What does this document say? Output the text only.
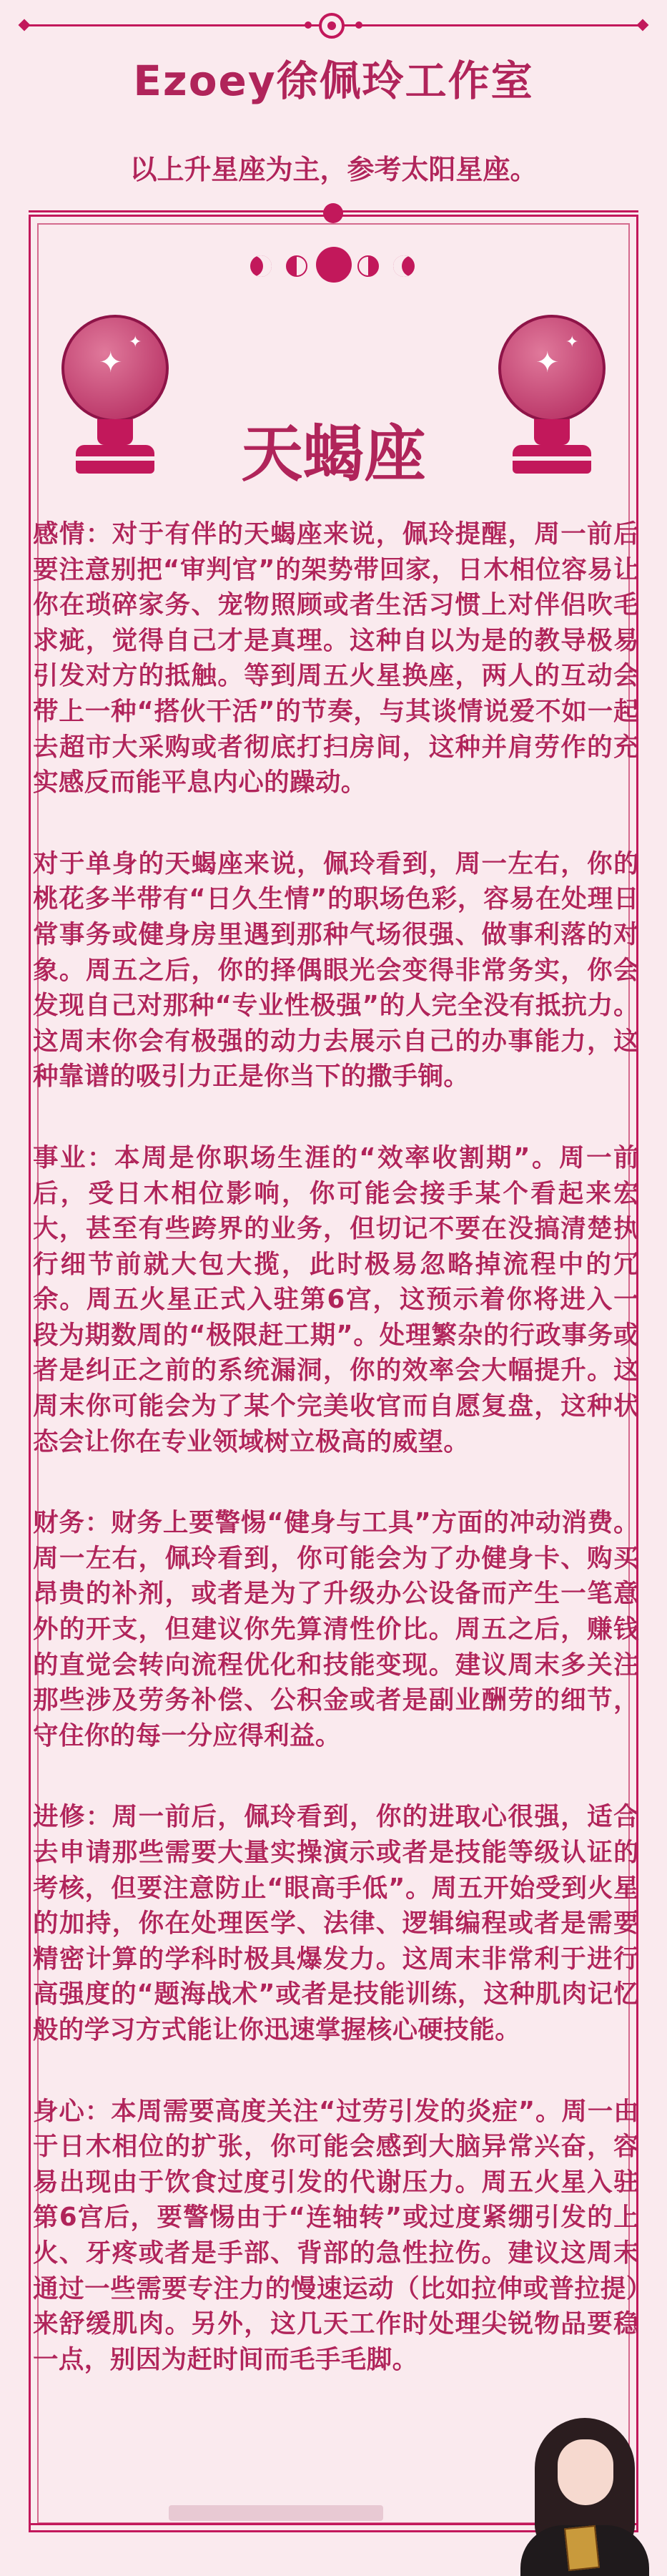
Ezoey徐佩玲工作室
以上升星座为主，参考太阳星座。
✦
✦
✦
✦
天蝎座

感情：对于有伴的天蝎座来说，佩玲提醒，周一前后要注意别把“审判官”的架势带回家，日木相位容易让你在琐碎家务、宠物照顾或者生活习惯上对伴侣吹毛求疵，觉得自己才是真理。这种自以为是的教导极易引发对方的抵触。等到周五火星换座，两人的互动会带上一种“搭伙干活”的节奏，与其谈情说爱不如一起去超市大采购或者彻底打扫房间，这种并肩劳作的充实感反而能平息内心的躁动。

对于单身的天蝎座来说，佩玲看到，周一左右，你的桃花多半带有“日久生情”的职场色彩，容易在处理日常事务或健身房里遇到那种气场很强、做事利落的对象。周五之后，你的择偶眼光会变得非常务实，你会发现自己对那种“专业性极强”的人完全没有抵抗力。这周末你会有极强的动力去展示自己的办事能力，这种靠谱的吸引力正是你当下的撒手锏。

事业：本周是你职场生涯的“效率收割期”。周一前后，受日木相位影响，你可能会接手某个看起来宏大，甚至有些跨界的业务，但切记不要在没搞清楚执行细节前就大包大揽，此时极易忽略掉流程中的冗余。周五火星正式入驻第6宫，这预示着你将进入一段为期数周的“极限赶工期”。处理繁杂的行政事务或者是纠正之前的系统漏洞，你的效率会大幅提升。这周末你可能会为了某个完美收官而自愿复盘，这种状态会让你在专业领域树立极高的威望。

财务：财务上要警惕“健身与工具”方面的冲动消费。周一左右，佩玲看到，你可能会为了办健身卡、购买昂贵的补剂，或者是为了升级办公设备而产生一笔意外的开支，但建议你先算清性价比。周五之后，赚钱的直觉会转向流程优化和技能变现。建议周末多关注那些涉及劳务补偿、公积金或者是副业酬劳的细节，守住你的每一分应得利益。

进修：周一前后，佩玲看到，你的进取心很强，适合去申请那些需要大量实操演示或者是技能等级认证的考核，但要注意防止“眼高手低”。周五开始受到火星的加持，你在处理医学、法律、逻辑编程或者是需要精密计算的学科时极具爆发力。这周末非常利于进行高强度的“题海战术”或者是技能训练，这种肌肉记忆般的学习方式能让你迅速掌握核心硬技能。

身心：本周需要高度关注“过劳引发的炎症”。周一由于日木相位的扩张，你可能会感到大脑异常兴奋，容易出现由于饮食过度引发的代谢压力。周五火星入驻第6宫后，要警惕由于“连轴转”或过度紧绷引发的上火、牙疼或者是手部、背部的急性拉伤。建议这周末通过一些需要专注力的慢速运动（比如拉伸或普拉提）来舒缓肌肉。另外，这几天工作时处理尖锐物品要稳一点，别因为赶时间而毛手毛脚。
